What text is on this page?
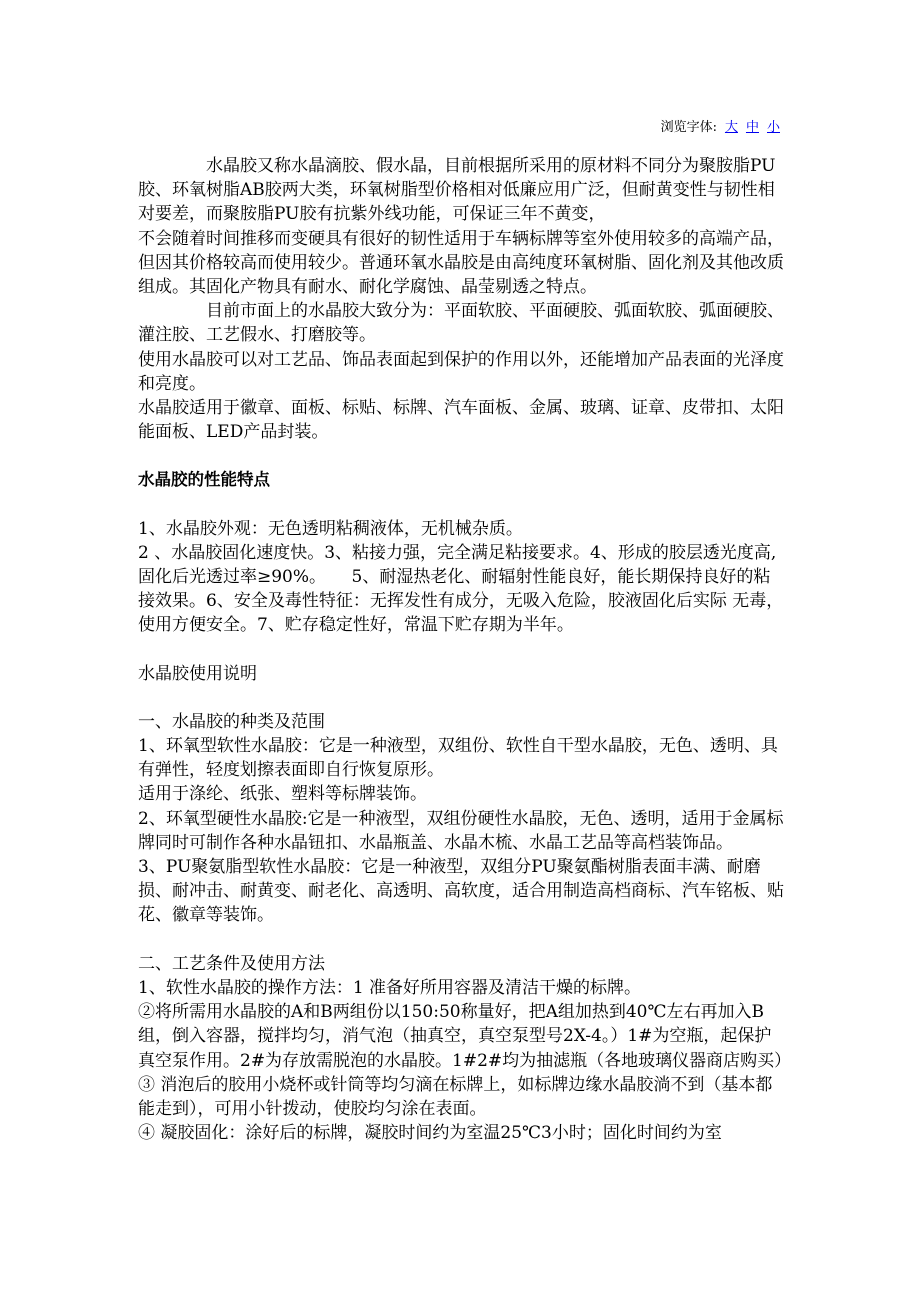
浏览字体: 大 中 小

水晶胶又称水晶滴胶、假水晶，目前根据所采用的原材料不同分为聚胺脂PU胶、环氧树脂AB胶两大类，环氧树脂型价格相对低廉应用广泛，但耐黄变性与韧性相对要差，而聚胺脂PU胶有抗紫外线功能，可保证三年不黄变，

不会随着时间推移而变硬具有很好的韧性适用于车辆标牌等室外使用较多的高端产品，但因其价格较高而使用较少。普通环氧水晶胶是由高纯度环氧树脂、固化剂及其他改质组成。其固化产物具有耐水、耐化学腐蚀、晶莹剔透之特点。

目前市面上的水晶胶大致分为：平面软胶、平面硬胶、弧面软胶、弧面硬胶、灌注胶、工艺假水、打磨胶等。

使用水晶胶可以对工艺品、饰品表面起到保护的作用以外，还能增加产品表面的光泽度和亮度。

水晶胶适用于徽章、面板、标贴、标牌、汽车面板、金属、玻璃、证章、皮带扣、太阳能面板、LED产品封装。

水晶胶的性能特点

1、水晶胶外观：无色透明粘稠液体，无机械杂质。

2 、水晶胶固化速度快。3、粘接力强，完全满足粘接要求。4、形成的胶层透光度高,固化后光透过率≥90%。　　5、耐湿热老化、耐辐射性能良好，能长期保持良好的粘接效果。6、安全及毒性特征：无挥发性有成分，无吸入危险，胶液固化后实际 无毒，使用方便安全。7、贮存稳定性好，常温下贮存期为半年。

水晶胶使用说明

一、水晶胶的种类及范围

1、环氧型软性水晶胶：它是一种液型，双组份、软性自干型水晶胶，无色、透明、具有弹性，轻度划擦表面即自行恢复原形。

适用于涤纶、纸张、塑料等标牌装饰。

2、环氧型硬性水晶胶:它是一种液型，双组份硬性水晶胶，无色、透明，适用于金属标牌同时可制作各种水晶钮扣、水晶瓶盖、水晶木梳、水晶工艺品等高档装饰品。

3、PU聚氨脂型软性水晶胶：它是一种液型，双组分PU聚氨酯树脂表面丰满、耐磨损、耐冲击、耐黄变、耐老化、高透明、高软度，适合用制造高档商标、汽车铭板、贴花、徽章等装饰。

二、工艺条件及使用方法

1、软性水晶胶的操作方法：1 准备好所用容器及清洁干燥的标牌。

②将所需用水晶胶的A和B两组份以150:50称量好，把A组加热到40℃左右再加入B组，倒入容器，搅拌均匀，消气泡（抽真空，真空泵型号2X-4。）1#为空瓶，起保护真空泵作用。2#为存放需脱泡的水晶胶。1#2#均为抽滤瓶（各地玻璃仪器商店购买）

③ 消泡后的胶用小烧杯或针筒等均匀滴在标牌上，如标牌边缘水晶胶淌不到（基本都能走到），可用小针拨动，使胶均匀涂在表面。

④ 凝胶固化：涂好后的标牌，凝胶时间约为室温25℃3小时；固化时间约为室
